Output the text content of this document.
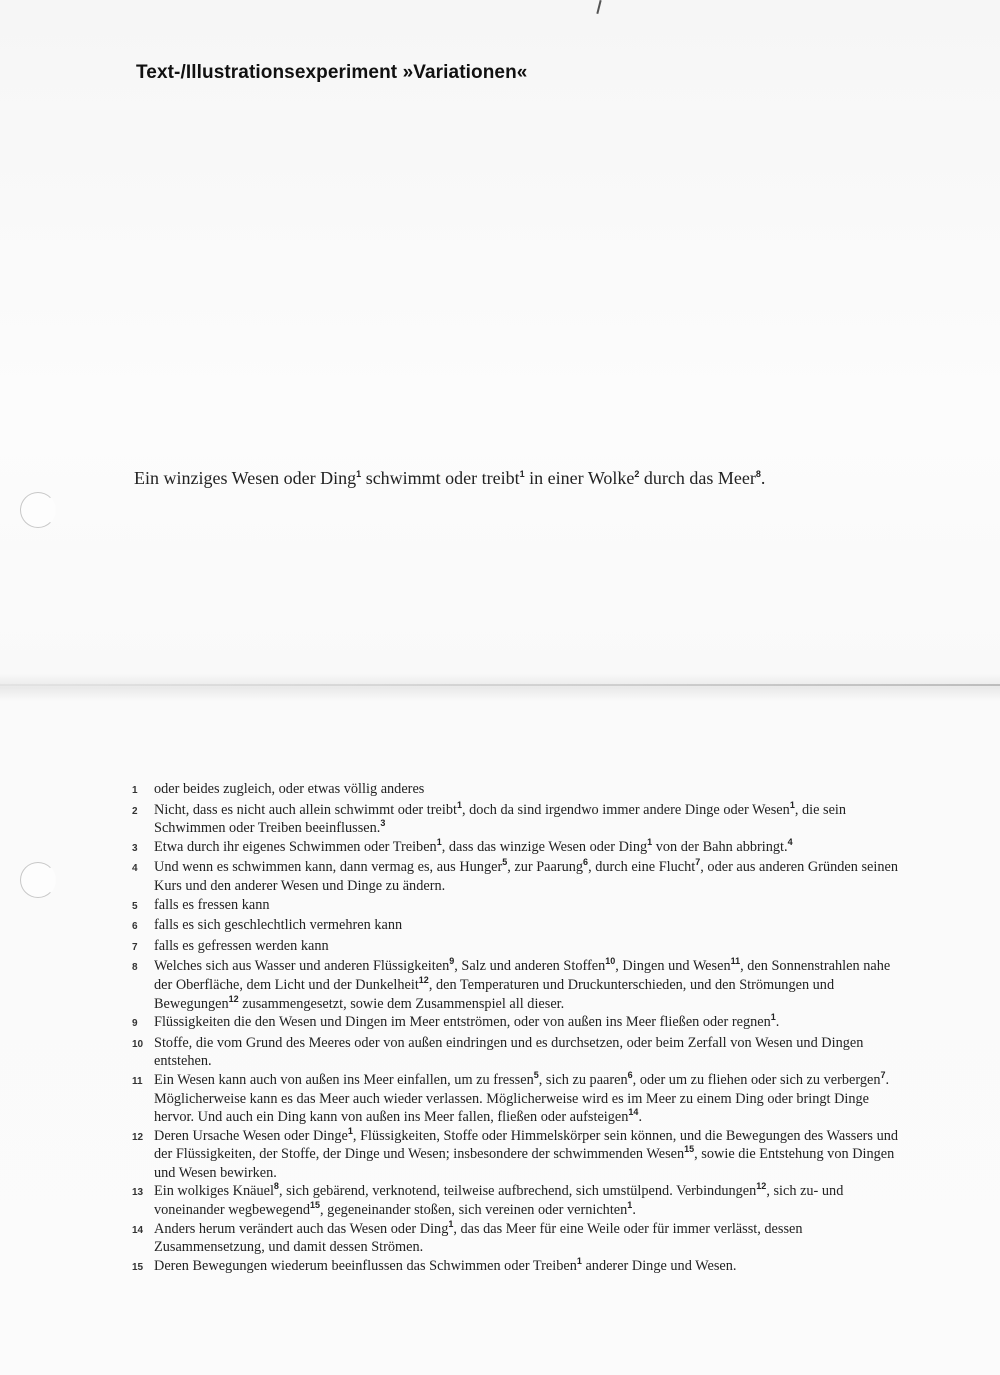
Text-/Illustrationsexperiment »Variationen«
Ein winziges Wesen oder Ding$^1$ schwimmt oder treibt$^1$ in einer Wolke$^2$ durch das Meer$^8$.
1	oder beides zugleich, oder etwas völlig anderes
2	Nicht, dass es nicht auch allein schwimmt oder treibt$^1$, doch da sind irgendwo immer andere Dinge oder Wesen$^1$, die sein Schwimmen oder Treiben beeinflussen.$^3$
3	Etwa durch ihr eigenes Schwimmen oder Treiben$^1$, dass das winzige Wesen oder Ding$^1$ von der Bahn abbringt.$^4$
4	Und wenn es schwimmen kann, dann vermag es, aus Hunger$^5$, zur Paarung$^6$, durch eine Flucht$^7$, oder aus anderen Gründen seinen Kurs und den anderer Wesen und Dinge zu ändern.
5	falls es fressen kann
6	falls es sich geschlechtlich vermehren kann
7	falls es gefressen werden kann
8	Welches sich aus Wasser und anderen Flüssigkeiten$^9$, Salz und anderen Stoffen$^{10}$, Dingen und Wesen$^{11}$, den Sonnenstrahlen nahe der Oberfläche, dem Licht und der Dunkelheit$^{12}$, den Temperaturen und Druckunterschieden, und den Strömungen und Bewegungen$^{12}$ zusammengesetzt, sowie dem Zusammenspiel all dieser.
9	Flüssigkeiten die den Wesen und Dingen im Meer entströmen, oder von außen ins Meer fließen oder regnen$^1$.
10 Stoffe, die vom Grund des Meeres oder von außen eindringen und es durchsetzen, oder beim Zerfall von Wesen und Dingen entstehen.
11 Ein Wesen kann auch von außen ins Meer einfallen, um zu fressen$^5$, sich zu paaren$^6$, oder um zu fliehen oder sich zu verbergen$^7$. Möglicherweise kann es das Meer auch wieder verlassen. Möglicherweise wird es im Meer zu einem Ding oder bringt Dinge hervor. Und auch ein Ding kann von außen ins Meer fallen, fließen oder aufsteigen$^{14}$.
12 Deren Ursache Wesen oder Dinge$^1$, Flüssigkeiten, Stoffe oder Himmelskörper sein können, und die Bewegungen des Wassers und der Flüssigkeiten, der Stoffe, der Dinge und Wesen; insbesondere der schwimmenden Wesen$^{15}$, sowie die Entstehung von Dingen und Wesen bewirken.
13 Ein wolkiges Knäuel$^8$, sich gebärend, verknotend, teilweise aufbrechend, sich umstülpend. Verbindungen$^{12}$, sich zu- und voneinander wegbewegend$^{15}$, gegeneinander stoßen, sich vereinen oder vernichten$^1$.
14 Anders herum verändert auch das Wesen oder Ding$^1$, das das Meer für eine Weile oder für immer verlässt, dessen Zusammensetzung, und damit dessen Strömen.
15 Deren Bewegungen wiederum beeinflussen das Schwimmen oder Treiben$^1$ anderer Dinge und Wesen.
